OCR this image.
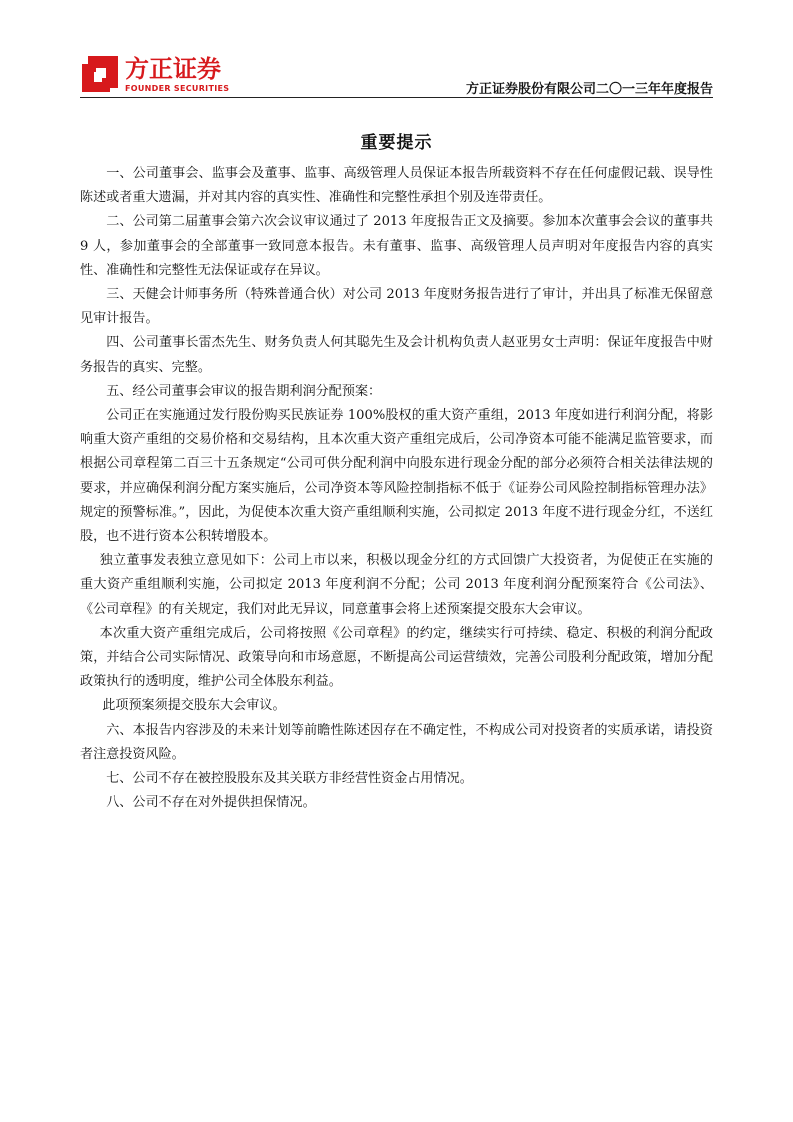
方正证券
FOUNDER SECURITIES	方正证券股份有限公司二〇一三年年度报告
重要提示

一、公司董事会、监事会及董事、监事、高级管理人员保证本报告所载资料不存在任何虚假记载、误导性陈述或者重大遗漏，并对其内容的真实性、准确性和完整性承担个别及连带责任。

二、公司第二届董事会第六次会议审议通过了 2013 年度报告正文及摘要。参加本次董事会会议的董事共 9 人，参加董事会的全部董事一致同意本报告。未有董事、监事、高级管理人员声明对年度报告内容的真实性、准确性和完整性无法保证或存在异议。

三、天健会计师事务所（特殊普通合伙）对公司 2013 年度财务报告进行了审计，并出具了标准无保留意见审计报告。

四、公司董事长雷杰先生、财务负责人何其聪先生及会计机构负责人赵亚男女士声明：保证年度报告中财务报告的真实、完整。

五、经公司董事会审议的报告期利润分配预案：

公司正在实施通过发行股份购买民族证券 100%股权的重大资产重组，2013 年度如进行利润分配，将影响重大资产重组的交易价格和交易结构，且本次重大资产重组完成后，公司净资本可能不能满足监管要求，而根据公司章程第二百三十五条规定“公司可供分配利润中向股东进行现金分配的部分必须符合相关法律法规的要求，并应确保利润分配方案实施后，公司净资本等风险控制指标不低于《证券公司风险控制指标管理办法》规定的预警标准。”，因此，为促使本次重大资产重组顺利实施，公司拟定 2013 年度不进行现金分红，不送红股，也不进行资本公积转增股本。

独立董事发表独立意见如下：公司上市以来，积极以现金分红的方式回馈广大投资者，为促使正在实施的重大资产重组顺利实施，公司拟定 2013 年度利润不分配；公司 2013 年度利润分配预案符合《公司法》、《公司章程》的有关规定，我们对此无异议，同意董事会将上述预案提交股东大会审议。

本次重大资产重组完成后，公司将按照《公司章程》的约定，继续实行可持续、稳定、积极的利润分配政策，并结合公司实际情况、政策导向和市场意愿，不断提高公司运营绩效，完善公司股利分配政策，增加分配政策执行的透明度，维护公司全体股东利益。

此项预案须提交股东大会审议。

六、本报告内容涉及的未来计划等前瞻性陈述因存在不确定性，不构成公司对投资者的实质承诺，请投资者注意投资风险。

七、公司不存在被控股股东及其关联方非经营性资金占用情况。

八、公司不存在对外提供担保情况。
